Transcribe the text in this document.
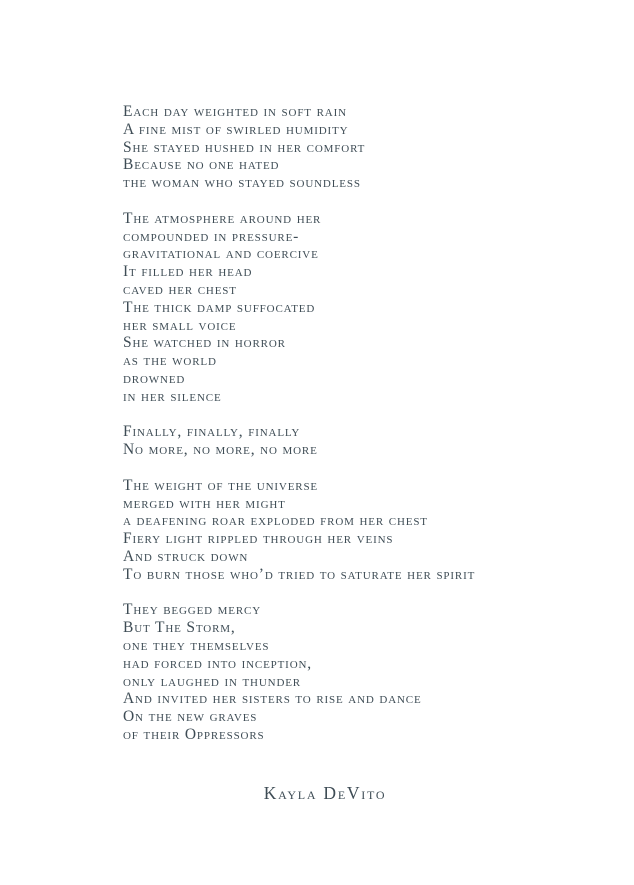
Each day weighted in soft rain
A fine mist of swirled humidity
She stayed hushed in her comfort
Because no one hated
the woman who stayed soundless
The atmosphere around her
compounded in pressure-
gravitational and coercive
It filled her head
caved her chest
The thick damp suffocated
her small voice
She watched in horror
as the world
drowned
in her silence
Finally, finally, finally
No more, no more, no more
The weight of the universe
merged with her might
a deafening roar exploded from her chest
Fiery light rippled through her veins
And struck down
To burn those who’d tried to saturate her spirit
They begged mercy
But The Storm,
one they themselves
had forced into inception,
only laughed in thunder
And invited her sisters to rise and dance
On the new graves
of their Oppressors
Kayla DeVito
